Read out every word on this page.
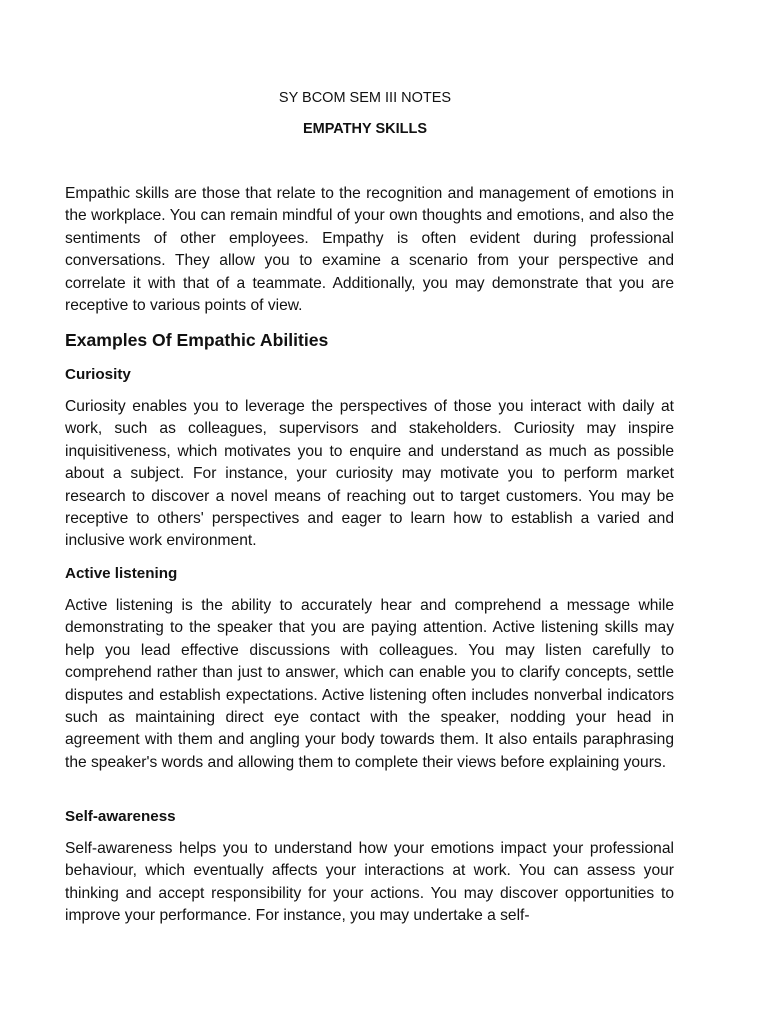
SY BCOM SEM III NOTES
EMPATHY SKILLS
Empathic skills are those that relate to the recognition and management of emotions in the workplace. You can remain mindful of your own thoughts and emotions, and also the sentiments of other employees. Empathy is often evident during professional conversations. They allow you to examine a scenario from your perspective and correlate it with that of a teammate. Additionally, you may demonstrate that you are receptive to various points of view.
Examples Of Empathic Abilities
Curiosity
Curiosity enables you to leverage the perspectives of those you interact with daily at work, such as colleagues, supervisors and stakeholders. Curiosity may inspire inquisitiveness, which motivates you to enquire and understand as much as possible about a subject. For instance, your curiosity may motivate you to perform market research to discover a novel means of reaching out to target customers. You may be receptive to others' perspectives and eager to learn how to establish a varied and inclusive work environment.
Active listening
Active listening is the ability to accurately hear and comprehend a message while demonstrating to the speaker that you are paying attention. Active listening skills may help you lead effective discussions with colleagues. You may listen carefully to comprehend rather than just to answer, which can enable you to clarify concepts, settle disputes and establish expectations. Active listening often includes nonverbal indicators such as maintaining direct eye contact with the speaker, nodding your head in agreement with them and angling your body towards them. It also entails paraphrasing the speaker's words and allowing them to complete their views before explaining yours.
Self-awareness
Self-awareness helps you to understand how your emotions impact your professional behaviour, which eventually affects your interactions at work. You can assess your thinking and accept responsibility for your actions. You may discover opportunities to improve your performance. For instance, you may undertake a self-
